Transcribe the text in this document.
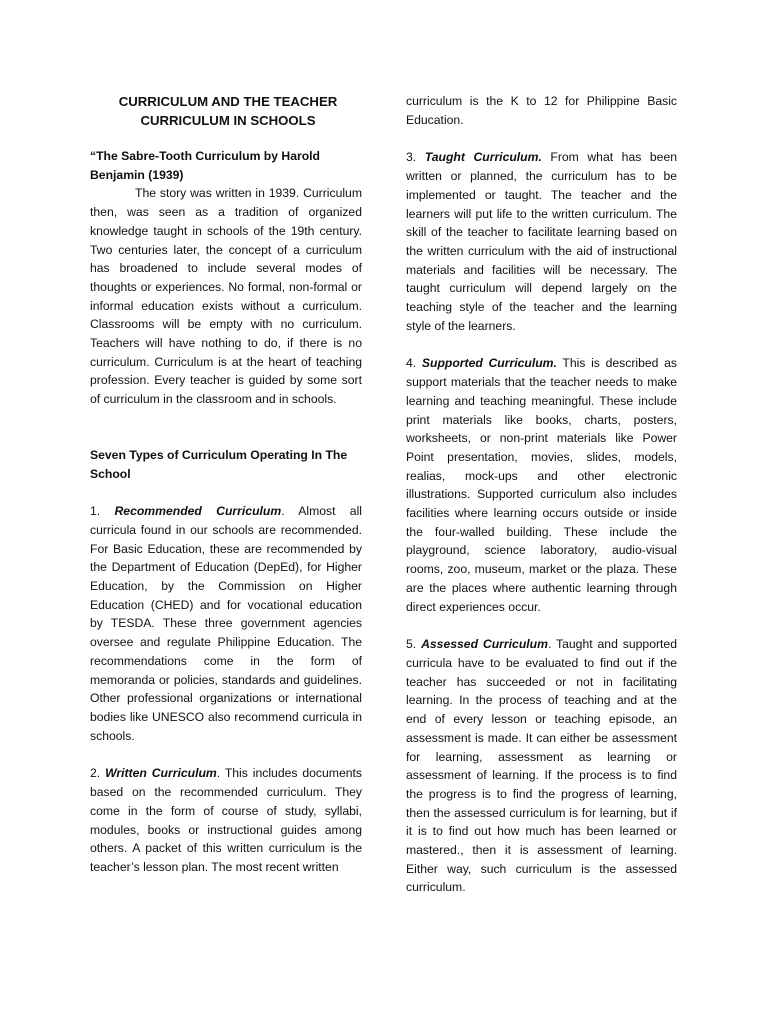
CURRICULUM AND THE TEACHER
CURRICULUM IN SCHOOLS
“The Sabre-Tooth Curriculum by Harold Benjamin (1939)
The story was written in 1939. Curriculum then, was seen as a tradition of organized knowledge taught in schools of the 19th century. Two centuries later, the concept of a curriculum has broadened to include several modes of thoughts or experiences. No formal, non-formal or informal education exists without a curriculum. Classrooms will be empty with no curriculum. Teachers will have nothing to do, if there is no curriculum. Curriculum is at the heart of teaching profession. Every teacher is guided by some sort of curriculum in the classroom and in schools.
Seven Types of Curriculum Operating In The School
1. Recommended Curriculum. Almost all curricula found in our schools are recommended. For Basic Education, these are recommended by the Department of Education (DepEd), for Higher Education, by the Commission on Higher Education (CHED) and for vocational education by TESDA. These three government agencies oversee and regulate Philippine Education. The recommendations come in the form of memoranda or policies, standards and guidelines. Other professional organizations or international bodies like UNESCO also recommend curricula in schools.
2. Written Curriculum. This includes documents based on the recommended curriculum. They come in the form of course of study, syllabi, modules, books or instructional guides among others. A packet of this written curriculum is the teacher’s lesson plan. The most recent written
curriculum is the K to 12 for Philippine Basic Education.
3. Taught Curriculum. From what has been written or planned, the curriculum has to be implemented or taught. The teacher and the learners will put life to the written curriculum. The skill of the teacher to facilitate learning based on the written curriculum with the aid of instructional materials and facilities will be necessary. The taught curriculum will depend largely on the teaching style of the teacher and the learning style of the learners.
4. Supported Curriculum. This is described as support materials that the teacher needs to make learning and teaching meaningful. These include print materials like books, charts, posters, worksheets, or non-print materials like Power Point presentation, movies, slides, models, realias, mock-ups and other electronic illustrations. Supported curriculum also includes facilities where learning occurs outside or inside the four-walled building. These include the playground, science laboratory, audio-visual rooms, zoo, museum, market or the plaza. These are the places where authentic learning through direct experiences occur.
5. Assessed Curriculum. Taught and supported curricula have to be evaluated to find out if the teacher has succeeded or not in facilitating learning. In the process of teaching and at the end of every lesson or teaching episode, an assessment is made. It can either be assessment for learning, assessment as learning or assessment of learning. If the process is to find the progress is to find the progress of learning, then the assessed curriculum is for learning, but if it is to find out how much has been learned or mastered., then it is assessment of learning. Either way, such curriculum is the assessed curriculum.
